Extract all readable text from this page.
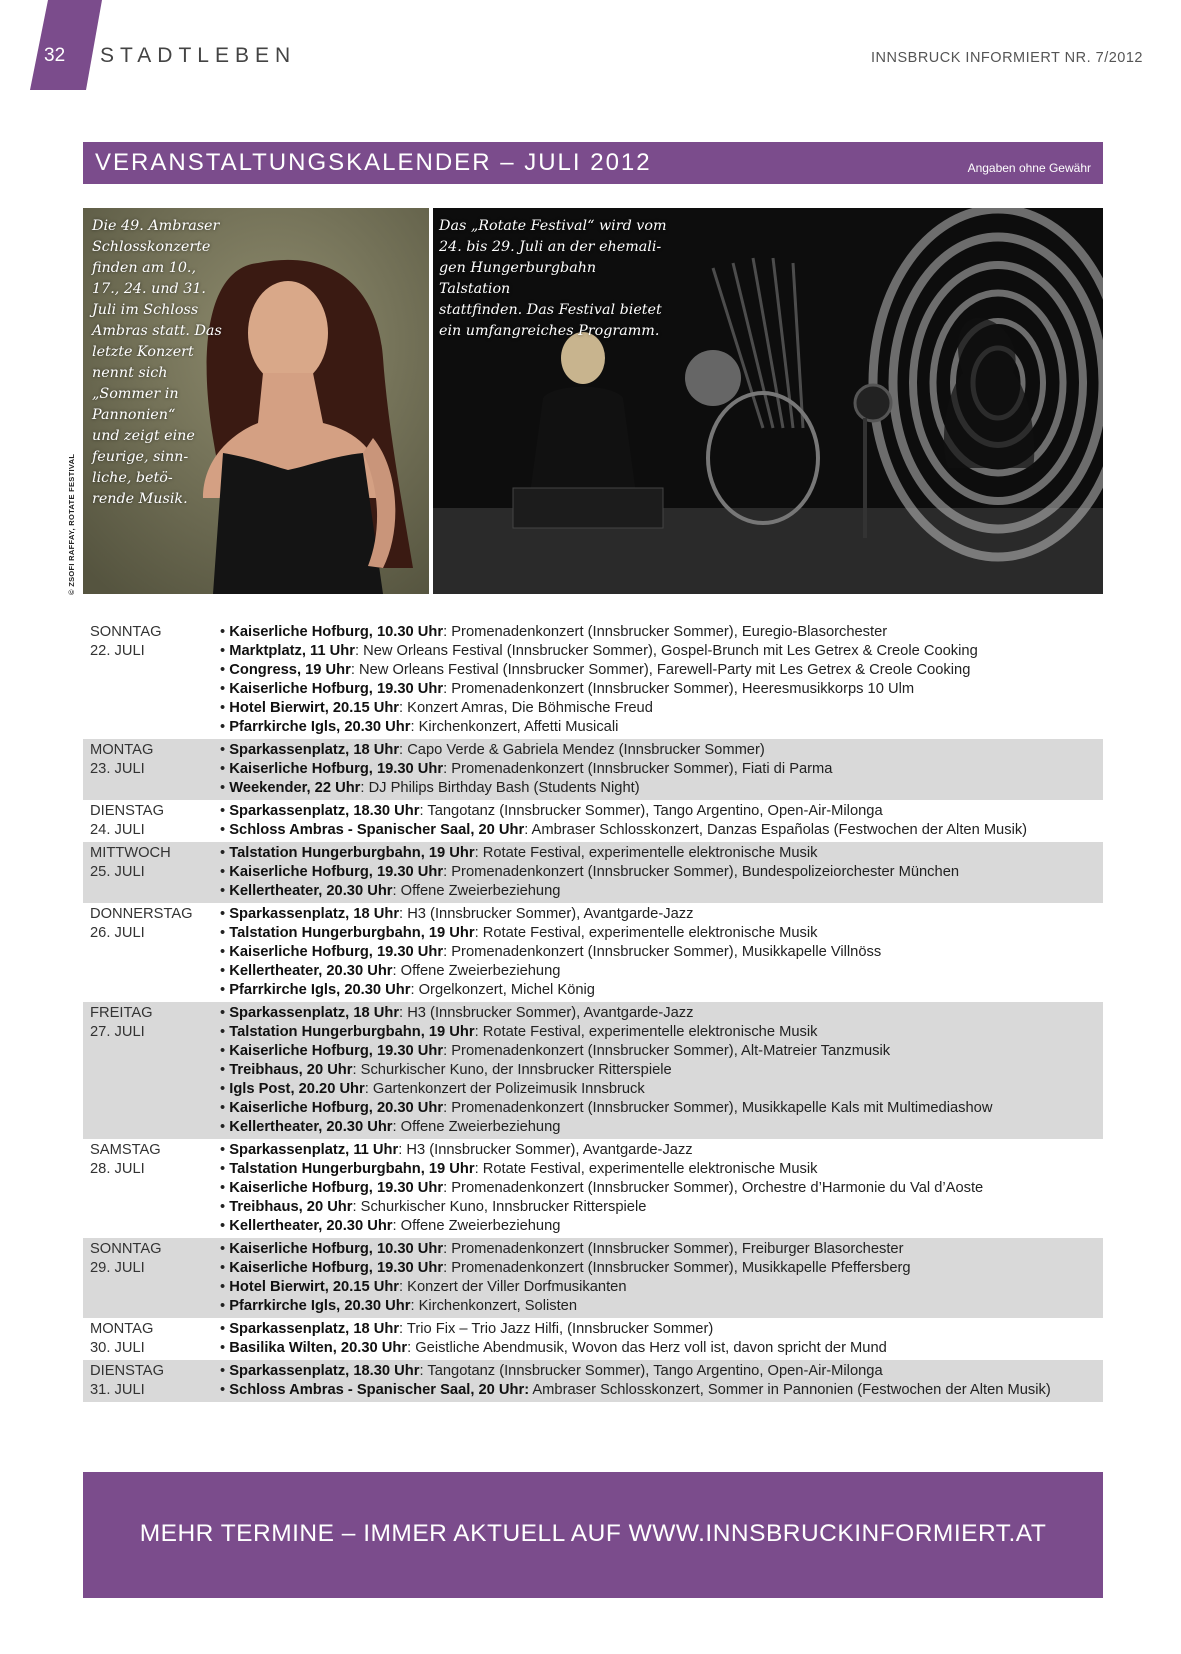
32 STADTLEBEN	INNSBRUCK INFORMIERT NR. 7/2012
VERANSTALTUNGSKALENDER – JULI 2012	Angaben ohne Gewähr
© ZSOFI RAFFAY, ROTATE FESTIVAL
Die 49. Ambraser
Schlosskonzerte
finden am 10.,
17., 24. und 31.
Juli im Schloss
Ambras statt. Das
letzte Konzert
nennt sich
„Sommer in
Pannonien“
und zeigt eine
feurige, sinn-
liche, betö-
rende Musik.
Das „Rotate Festival“ wird vom
24. bis 29. Juli an der ehemali-
gen Hungerburgbahn Talstation
stattfinden. Das Festival bietet
ein umfangreiches Programm.
SONNTAG
22. JULI
• Kaiserliche Hofburg, 10.30 Uhr: Promenadenkonzert (Innsbrucker Sommer), Euregio-Blasorchester
• Marktplatz, 11 Uhr: New Orleans Festival (Innsbrucker Sommer), Gospel-Brunch mit Les Getrex & Creole Cooking
• Congress, 19 Uhr: New Orleans Festival (Innsbrucker Sommer), Farewell-Party mit Les Getrex & Creole Cooking
• Kaiserliche Hofburg, 19.30 Uhr: Promenadenkonzert (Innsbrucker Sommer), Heeresmusikkorps 10 Ulm
• Hotel Bierwirt, 20.15 Uhr: Konzert Amras, Die Böhmische Freud
• Pfarrkirche Igls, 20.30 Uhr: Kirchenkonzert, Affetti Musicali
MONTAG
23. JULI
• Sparkassenplatz, 18 Uhr: Capo Verde & Gabriela Mendez (Innsbrucker Sommer)
• Kaiserliche Hofburg, 19.30 Uhr: Promenadenkonzert (Innsbrucker Sommer), Fiati di Parma
• Weekender, 22 Uhr: DJ Philips Birthday Bash (Students Night)
DIENSTAG
24. JULI
• Sparkassenplatz, 18.30 Uhr: Tangotanz (Innsbrucker Sommer), Tango Argentino, Open-Air-Milonga
• Schloss Ambras - Spanischer Saal, 20 Uhr: Ambraser Schlosskonzert, Danzas Españolas (Festwochen der Alten Musik)
MITTWOCH
25. JULI
• Talstation Hungerburgbahn, 19 Uhr: Rotate Festival, experimentelle elektronische Musik
• Kaiserliche Hofburg, 19.30 Uhr: Promenadenkonzert (Innsbrucker Sommer), Bundespolizeiorchester München
• Kellertheater, 20.30 Uhr: Offene Zweierbeziehung
DONNERSTAG
26. JULI
• Sparkassenplatz, 18 Uhr: H3 (Innsbrucker Sommer), Avantgarde-Jazz
• Talstation Hungerburgbahn, 19 Uhr: Rotate Festival, experimentelle elektronische Musik
• Kaiserliche Hofburg, 19.30 Uhr: Promenadenkonzert (Innsbrucker Sommer), Musikkapelle Villnöss
• Kellertheater, 20.30 Uhr: Offene Zweierbeziehung
• Pfarrkirche Igls, 20.30 Uhr: Orgelkonzert, Michel König
FREITAG
27. JULI
• Sparkassenplatz, 18 Uhr: H3 (Innsbrucker Sommer), Avantgarde-Jazz
• Talstation Hungerburgbahn, 19 Uhr: Rotate Festival, experimentelle elektronische Musik
• Kaiserliche Hofburg, 19.30 Uhr: Promenadenkonzert (Innsbrucker Sommer), Alt-Matreier Tanzmusik
• Treibhaus, 20 Uhr: Schurkischer Kuno, der Innsbrucker Ritterspiele
• Igls Post, 20.20 Uhr: Gartenkonzert der Polizeimusik Innsbruck
• Kaiserliche Hofburg, 20.30 Uhr: Promenadenkonzert (Innsbrucker Sommer), Musikkapelle Kals mit Multimediashow
• Kellertheater, 20.30 Uhr: Offene Zweierbeziehung
SAMSTAG
28. JULI
• Sparkassenplatz, 11 Uhr: H3 (Innsbrucker Sommer), Avantgarde-Jazz
• Talstation Hungerburgbahn, 19 Uhr: Rotate Festival, experimentelle elektronische Musik
• Kaiserliche Hofburg, 19.30 Uhr: Promenadenkonzert (Innsbrucker Sommer), Orchestre d’Harmonie du Val d’Aoste
• Treibhaus, 20 Uhr: Schurkischer Kuno, Innsbrucker Ritterspiele
• Kellertheater, 20.30 Uhr: Offene Zweierbeziehung
SONNTAG
29. JULI
• Kaiserliche Hofburg, 10.30 Uhr: Promenadenkonzert (Innsbrucker Sommer), Freiburger Blasorchester
• Kaiserliche Hofburg, 19.30 Uhr: Promenadenkonzert (Innsbrucker Sommer), Musikkapelle Pfeffersberg
• Hotel Bierwirt, 20.15 Uhr: Konzert der Viller Dorfmusikanten
• Pfarrkirche Igls, 20.30 Uhr: Kirchenkonzert, Solisten
MONTAG
30. JULI
• Sparkassenplatz, 18 Uhr: Trio Fix – Trio Jazz Hilfi, (Innsbrucker Sommer)
• Basilika Wilten, 20.30 Uhr: Geistliche Abendmusik, Wovon das Herz voll ist, davon spricht der Mund
DIENSTAG
31. JULI
• Sparkassenplatz, 18.30 Uhr: Tangotanz (Innsbrucker Sommer), Tango Argentino, Open-Air-Milonga
• Schloss Ambras - Spanischer Saal, 20 Uhr: Ambraser Schlosskonzert, Sommer in Pannonien (Festwochen der Alten Musik)
MEHR TERMINE – IMMER AKTUELL AUF WWW.INNSBRUCKINFORMIERT.AT
